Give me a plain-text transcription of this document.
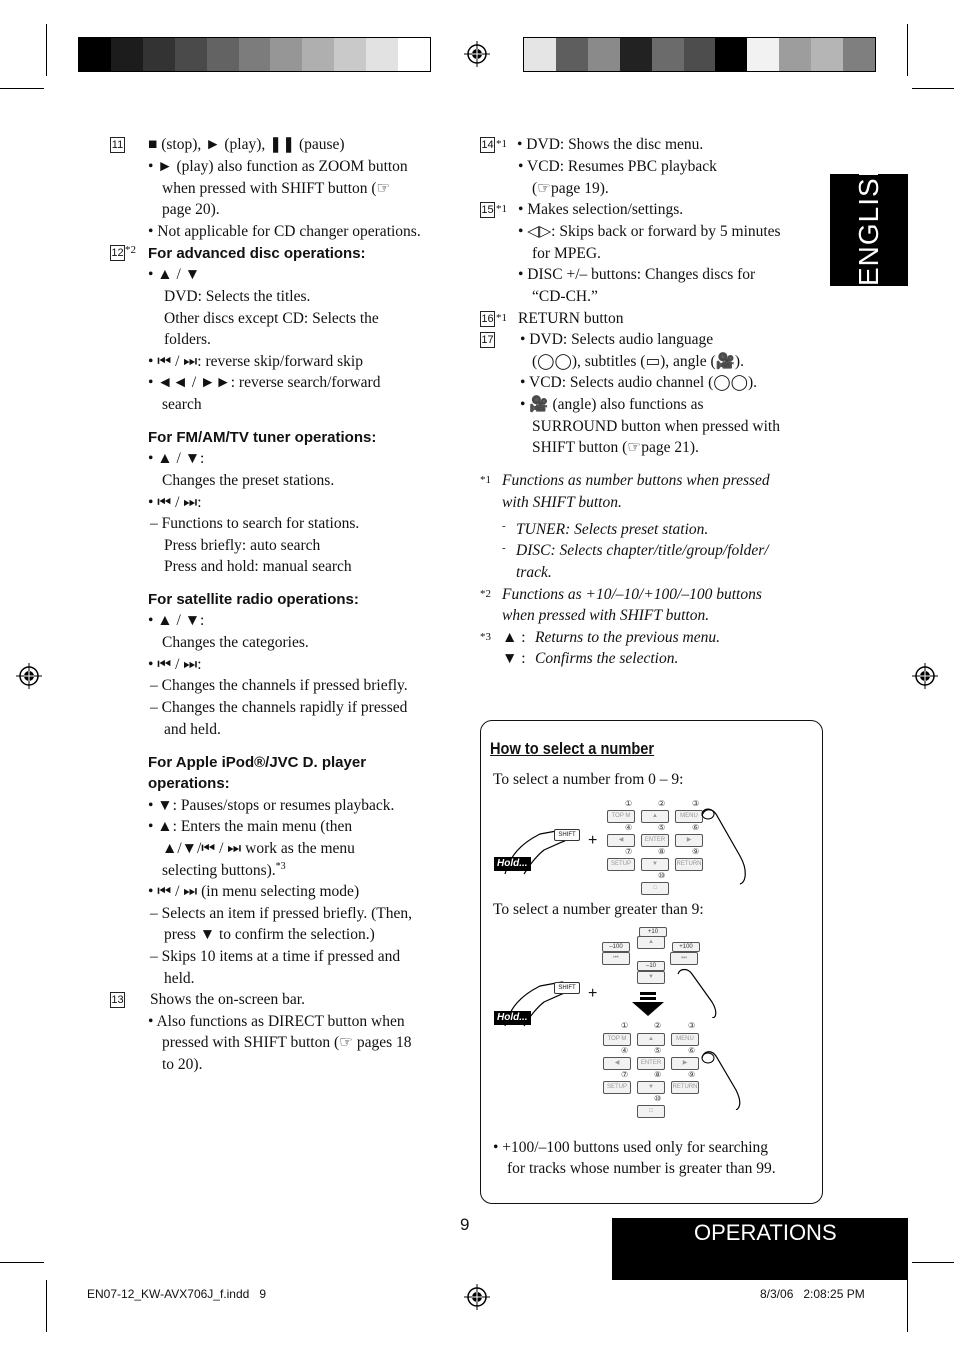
ENGLISH
11 ■ (stop), ► (play), ❚❚ (pause)
• ► (play) also function as ZOOM button
when pressed with SHIFT button (☞
page 20).
• Not applicable for CD changer operations.
12 *2 For advanced disc operations:
• ▲ / ▼
DVD: Selects the titles.
Other discs except CD: Selects the
folders.
• ⏮ / ⏭: reverse skip/forward skip
• ◄◄ / ►►: reverse search/forward
search
For FM/AM/TV tuner operations:
• ▲ / ▼:
Changes the preset stations.
• ⏮ / ⏭:
– Functions to search for stations.
Press briefly: auto search
Press and hold: manual search
For satellite radio operations:
• ▲ / ▼:
Changes the categories.
• ⏮ / ⏭:
– Changes the channels if pressed briefly.
– Changes the channels rapidly if pressed
and held.
For Apple iPod®/JVC D. player
operations:
• ▼: Pauses/stops or resumes playback.
• ▲: Enters the main menu (then
▲/▼/⏮ / ⏭ work as the menu
selecting buttons).$^{*3}$
• ⏮ / ⏭ (in menu selecting mode)
– Selects an item if pressed briefly. (Then,
press ▼ to confirm the selection.)
– Skips 10 items at a time if pressed and
held.
13 Shows the on-screen bar.
• Also functions as DIRECT button when
pressed with SHIFT button (☞ pages 18
to 20).
14 *1 • DVD: Shows the disc menu.
• VCD: Resumes PBC playback
(☞page 19).
15 *1 • Makes selection/settings.
• ◁▷: Skips back or forward by 5 minutes
for MPEG.
• DISC +/– buttons: Changes discs for
“CD-CH.”
16 *1 RETURN button
17 • DVD: Selects audio language
(◯◯), subtitles (▭), angle (🎥).
• VCD: Selects audio channel (◯◯).
• 🎥 (angle) also functions as
SURROUND button when pressed with
SHIFT button (☞page 21).
*1 Functions as number buttons when pressed
with SHIFT button.
- TUNER: Selects preset station.
- DISC: Selects chapter/title/group/folder/
track.
*2 Functions as +10/–10/+100/–100 buttons
when pressed with SHIFT button.
*3 ▲ : Returns to the previous menu.
▼ : Confirms the selection.
How to select a number
To select a number from 0 – 9:
SHIFT
Hold...
+
①	②	③
TOP M	▲	MENU
④	⑤	⑥
◀	ENTER	▶
⑦	⑧	⑨
SETUP	▼	RETURN
⑩
□
To select a number greater than 9:
+10
▲
–100	+100
⏮	⏭
–10
▼
SHIFT
Hold...
+
①	②	③
TOP M	▲	MENU
④	⑤	⑥
◀	ENTER	▶
⑦	⑧	⑨
SETUP	▼	RETURN
⑩
□
• +100/–100 buttons used only for searching
for tracks whose number is greater than 99.
9	OPERATIONS
EN07-12_KW-AVX706J_f.indd   9	8/3/06   2:08:25 PM
